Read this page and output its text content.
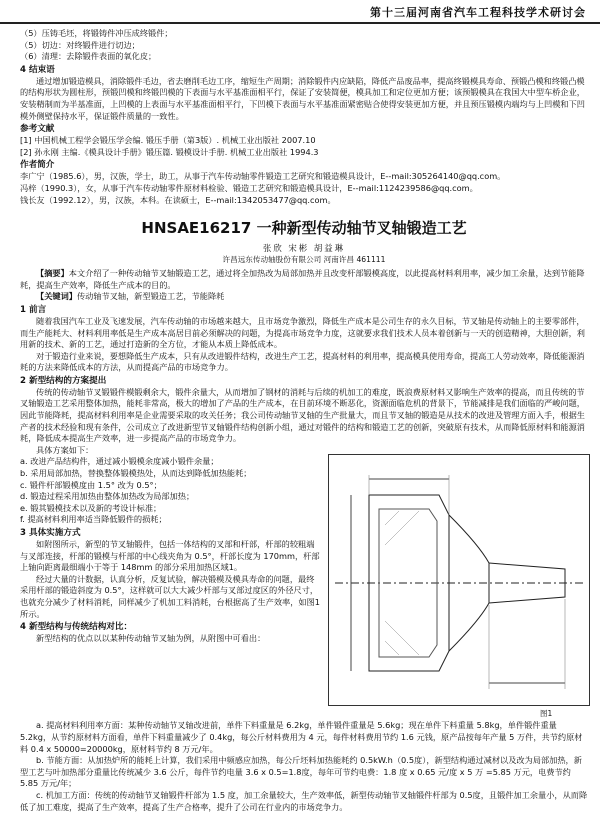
第十三届河南省汽车工程科技学术研讨会

（5）压铸毛坯，将锻铸件冲压成终锻件；

（5）切边：对终锻件进行切边；

（6）清理：去除锻件表面的氧化皮；

4 结束语

通过增加锻造模具，消除锻件毛边，省去磨削毛边工序，缩短生产周期；消除锻件内应缺陷，降低产品废品率，提高终锻模具寿命、预锻凸模和终锻凸模的结构形状为圆柱形，预锻凹模和终锻凹模的下表面与水平基准面相平行，保证了安装简便，模具加工和定位更加方便；该预锻模具在我国大中型车桥企业，安装精制而为半基准面，上凹模的上表面与水平基准面相平行，下凹模下表面与水平基准面紧密贴合使得安装更加方便，并且预压锻模内端均与上凹模和下凹模外侧壁保持水平，保证锻件质量的一致性。

参考文献

[1] 中国机械工程学会锻压学会编. 锻压手册（第3版）. 机械工业出版社 2007.10

[2] 孙永刚 主编.《模具设计手册》锻压篇. 锻模设计手册. 机械工业出版社 1994.3

作者简介

李广宁（1985.6），男，汉族，学士，助工，从事于汽车传动轴零件锻造工艺研究和锻造模具设计，E--mail:305264140@qq.com。

冯梓（1990.3），女，从事于汽车传动轴零件原材料检验、锻造工艺研究和锻造模具设计，E--mail:1124239586@qq.com。

钱长友（1992.12），男，汉族，本科。在读硕士，E--mail:1342053477@qq.com。

HNSAE16217 一种新型传动轴节叉轴锻造工艺
张欣 宋彬 胡益琳
许昌远东传动轴股份有限公司 河南许昌 461111

【摘要】本文介绍了一种传动轴节叉轴锻造工艺，通过将全加热改为局部加热并且改变杆部锻模高度，以此提高材料利用率，减少加工余量，达到节能降耗，提高生产效率，降低生产成本的目的。

【关键词】传动轴节叉轴，新型锻造工艺，节能降耗

1 前言

随着我国汽车工业及飞速发展，汽车传动轴的市场越来越大，且市场竞争激烈，降低生产成本是公司生存的永久目标，节叉轴是传动轴上的主要零部件，而生产能耗大、材料利用率低是生产成本高居目前必须解决的问题，为提高市场竞争力度，这就要求我们技术人员本着创新与一天的创造精神，大胆创新，利用新的技术、新的工艺，通过打造新的全方位，才能从本质上降低成本。

对于锻造行业来说，要想降低生产成本，只有从改进锻件结构，改进生产工艺，提高材料的利用率，提高模具使用寿命，提高工人劳动效率，降低能源消耗的方法来降低成本的方法，从而提高产品的市场竞争力。

2 新型结构的方案提出

传统的传动轴节叉锻锻件模锻剩余大，锻件余量大，从而增加了钢材的消耗与后续的机加工的难度，既浪费原材料又影响生产效率的提高，而且传统的节叉轴锻造工艺采用整体加热，能耗非常高，极大的增加了产品的生产成本，在目前环境不断恶化，资源面临危机的背景下，节能减排是我们面临的严峻问题，因此节能降耗，提高材料利用率是企业需要采取的攻关任务；我公司传动轴节叉轴的生产批量大，而且节叉轴的锻造是从技术的改进及管理方面入手，根据生产者的技术经验和现有条件，公司成立了改进新型节叉轴锻件结构创新小组，通过对锻件的结构和锻造工艺的创新，突破原有技术，从而降低原材料和能源消耗，降低成本提高生产效率，进一步提高产品的市场竞争力。

具体方案如下：

a. 改进产品结构件，通过减小锻模余度减小锻件余量；

b. 采用局部加热，替换整体锻模热处，从而达到降低加热能耗；

c. 锻件杆部锻模度由 1.5° 改为 0.5°；

d. 锻造过程采用加热由整体加热改为局部加热；

e. 锻其锻模技术以及新的考设计标准；

f. 提高材料利用率适当降低锻件的损耗；

3 具体实施方式

如附图所示，新型的节叉轴锻件，包括一体结构的叉部和杆部，杆部的较粗端与叉部连接，杆部的锻模与杆部的中心线夹角为 0.5°，杆部长度为 170mm，杆部上轴向距离最细端小于等于 148mm 的部分采用加热区域1。

经过大量的计数据，认真分析，反复试验，解决锻模及模具寿命的问题，最终采用杆部的锻造斜度为 0.5°，这样就可以大大减少杆部与叉部过度区的外径尺寸，也就充分减少了材料消耗，同样减少了机加工料消耗，台根据高了生产效率，如图1所示。

4 新型结构与传统结构对比：

新型结构的优点以以某种传动轴节叉轴为例，从附图中可看出：

图1

a. 提高材料利用率方面：某种传动轴节叉轴改进前，单件下料重量是 6.2kg，单件锻件重量是 5.6kg；现在单件下料重量 5.8kg，单件锻件重量 5.2kg，从节约原材料方面看，单件下料重量减少了 0.4kg，每公斤材料费用为 4 元，每件材料费用节约 1.6 元钱，原产品按每年产量 5 万件，共节约原材料 0.4 x 50000=20000kg，原材料节约 8 万元/年。

b. 节能方面：从加热炉所的能耗上计算，我们采用中频感应加热，每公斤坯料加热能耗约 0.5kW.h（0.5度），新型结构通过减材以及改为局部加热，新型工艺与叶加热部分重量比传统减少 3.6 公斤，每件节约电量 3.6 x 0.5=1.8度，每年可节约电费：1.8 度 x 0.65 元/度 x 5 万 =5.85 万元，电费节约 5.85 万元/年；

c. 机加工方面：传统的传动轴节叉轴锻件杆部为 1.5 度，加工余量较大，生产效率低，新型传动轴节叉轴锻件杆部为 0.5度，且锻件加工余量小，从而降低了加工难度，提高了生产效率，提高了生产合格率，提升了公司在行业内的市场竞争力。
